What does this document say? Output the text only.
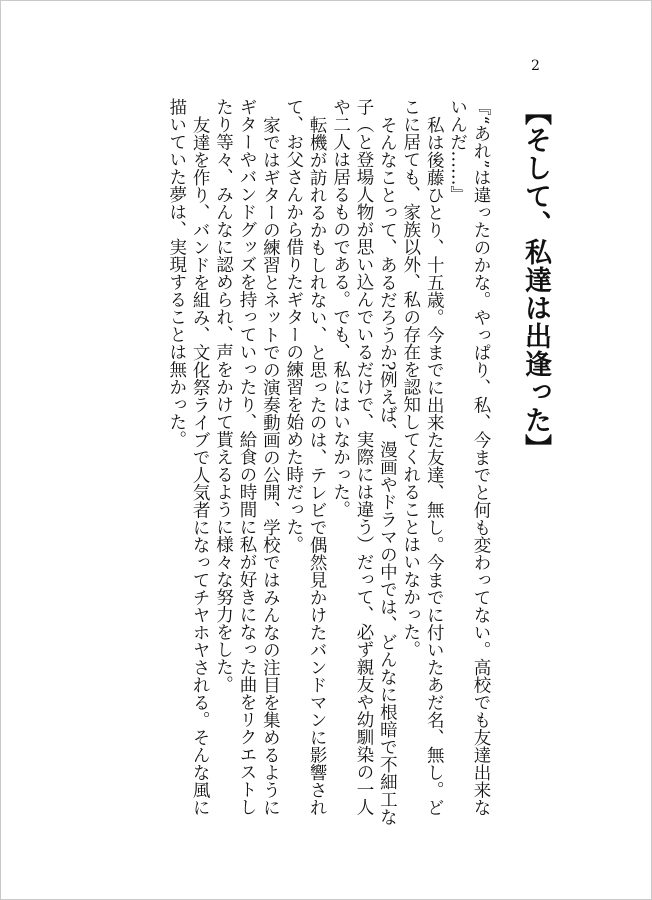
2
【そして、私達は出逢った】

『“あれ”は違ったのかな。やっぱり、私、今までと何も変わってない。高校でも友達出来ないんだ……』

私は後藤ひとり、十五歳。今までに出来た友達、無し。今までに付いたあだ名、無し。どこに居ても、家族以外、私の存在を認知してくれることはいなかった。

そんなことって、あるだろうか?例えば、漫画やドラマの中では、どんなに根暗で不細工な子（と登場人物が思い込んでいるだけで、実際には違う）だって、必ず親友や幼馴染の一人や二人は居るものである。でも、私にはいなかった。

転機が訪れるかもしれない、と思ったのは、テレビで偶然見かけたバンドマンに影響されて、お父さんから借りたギターの練習を始めた時だった。

家ではギターの練習とネットでの演奏動画の公開、学校ではみんなの注目を集めるようにギターやバンドグッズを持っていったり、給食の時間に私が好きになった曲をリクエストしたり等々、みんなに認められ、声をかけて貰えるように様々な努力をした。

友達を作り、バンドを組み、文化祭ライブで人気者になってチヤホヤされる。そんな風に描いていた夢は、実現することは無かった。
